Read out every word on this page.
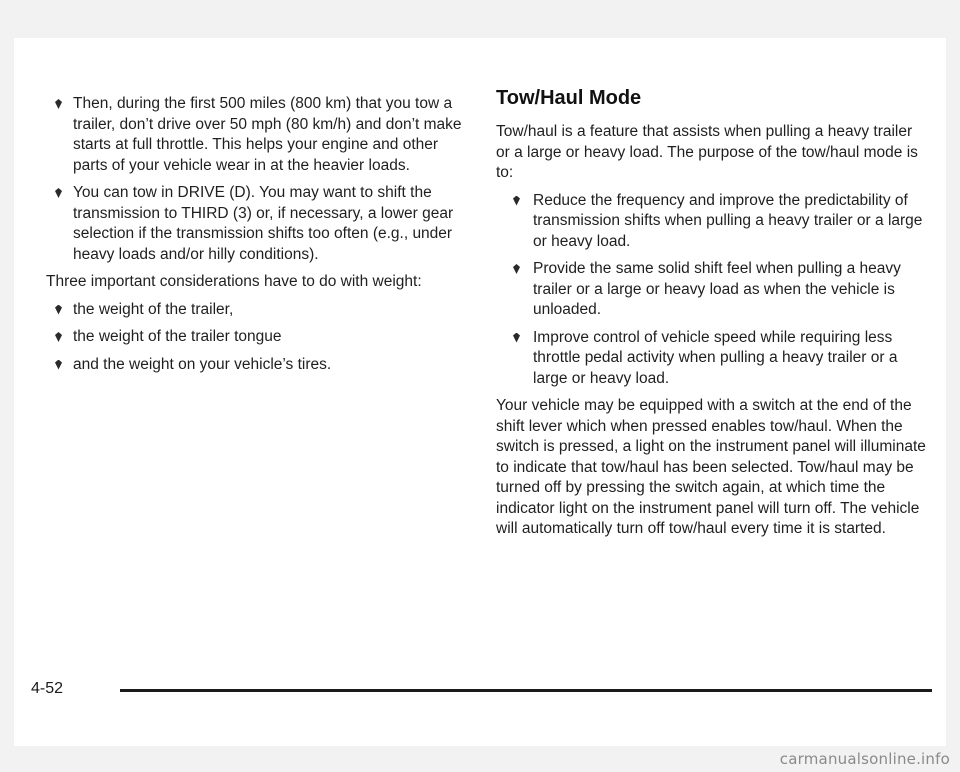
Then, during the first 500 miles (800 km) that you tow a trailer, don’t drive over 50 mph (80 km/h) and don’t make starts at full throttle. This helps your engine and other parts of your vehicle wear in at the heavier loads.
You can tow in DRIVE (D). You may want to shift the transmission to THIRD (3) or, if necessary, a lower gear selection if the transmission shifts too often (e.g., under heavy loads and/or hilly conditions).

Three important considerations have to do with weight:

the weight of the trailer,
the weight of the trailer tongue
and the weight on your vehicle’s tires.
Tow/Haul Mode

Tow/haul is a feature that assists when pulling a heavy trailer or a large or heavy load. The purpose of the tow/haul mode is to:

Reduce the frequency and improve the predictability of transmission shifts when pulling a heavy trailer or a large or heavy load.
Provide the same solid shift feel when pulling a heavy trailer or a large or heavy load as when the vehicle is unloaded.
Improve control of vehicle speed while requiring less throttle pedal activity when pulling a heavy trailer or a large or heavy load.

Your vehicle may be equipped with a switch at the end of the shift lever which when pressed enables tow/haul. When the switch is pressed, a light on the instrument panel will illuminate to indicate that tow/haul has been selected. Tow/haul may be turned off by pressing the switch again, at which time the indicator light on the instrument panel will turn off. The vehicle will automatically turn off tow/haul every time it is started.

4-52
carmanualsonline.info
